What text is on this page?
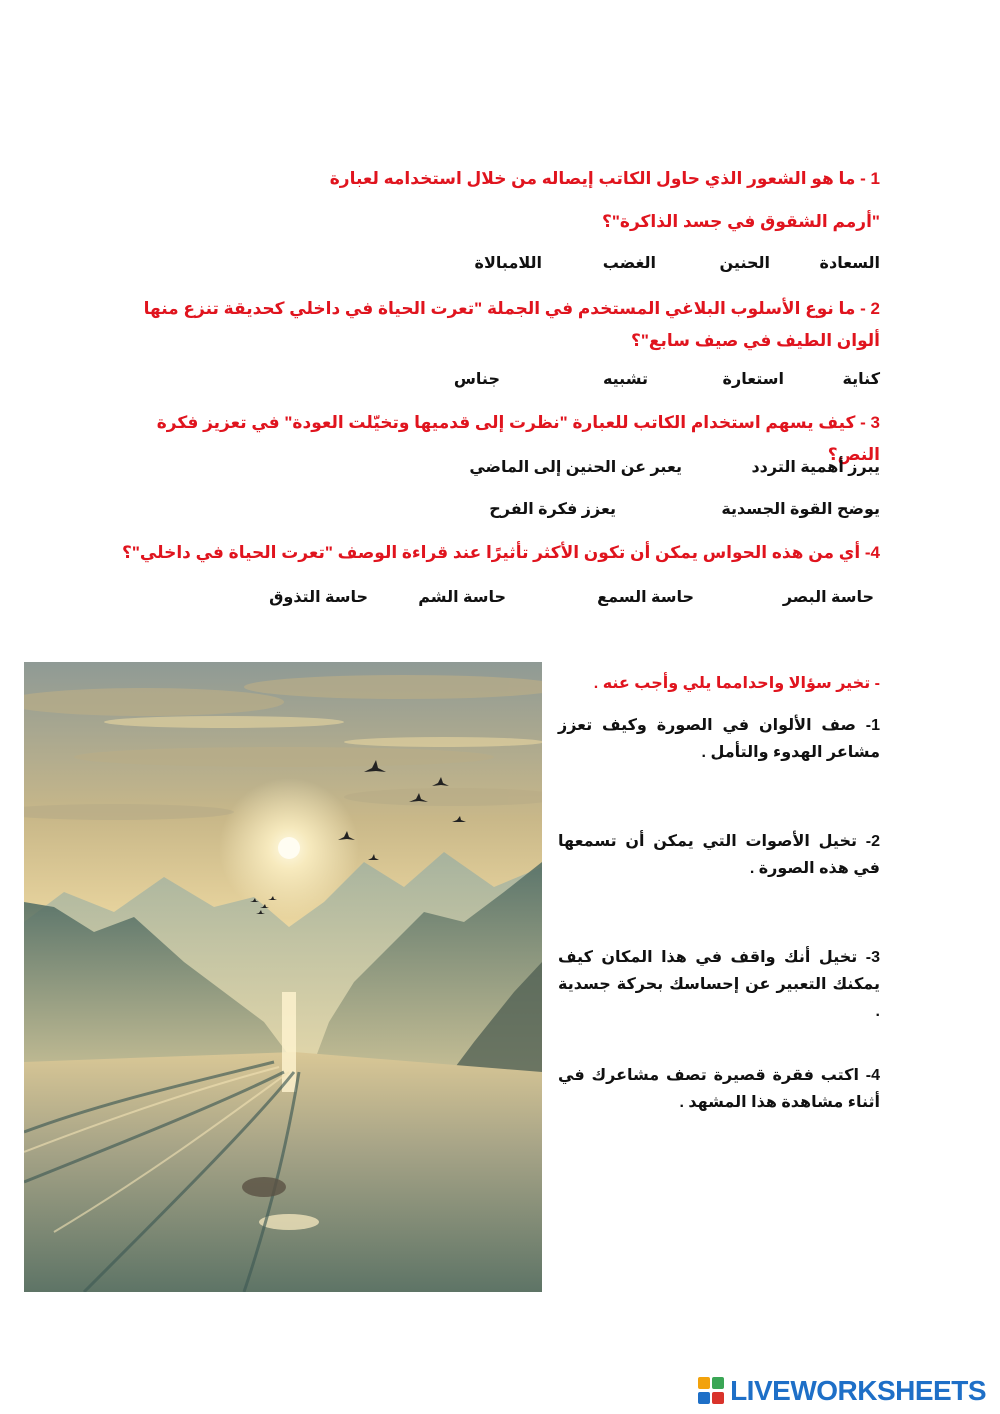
1 - ما هو الشعور الذي حاول الكاتب إيصاله من خلال استخدامه لعبارة
"أرمم الشقوق في جسد الذاكرة"؟
السعادة
الحنين
الغضب
اللامبالاة
2 - ما نوع الأسلوب البلاغي المستخدم في الجملة "تعرت الحياة في داخلي كحديقة تنزع منها ألوان الطيف في صيف سابع"؟
كناية
استعارة
تشبيه
جناس
3 - كيف يسهم استخدام الكاتب للعبارة "نظرت إلى قدميها وتخيّلت العودة" في تعزيز فكرة النص؟
يبرز أهمية التردد
يعبر عن الحنين إلى الماضي
يوضح القوة الجسدية
يعزز فكرة الفرح
4- أي من هذه الحواس يمكن أن تكون الأكثر تأثيرًا عند قراءة الوصف "تعرت الحياة في داخلي"؟
حاسة البصر
حاسة السمع
حاسة الشم
حاسة التذوق
- تخير سؤالا واحدامما يلي وأجب عنه .
1- صف الألوان في الصورة وكيف تعزز مشاعر الهدوء والتأمل .
2- تخيل الأصوات التي يمكن أن تسمعها في هذه الصورة .
3- تخيل أنك واقف في هذا المكان كيف يمكنك التعبير عن إحساسك بحركة جسدية .
4- اكتب فقرة قصيرة تصف مشاعرك في أثناء مشاهدة هذا المشهد .
LIVEWORKSHEETS
